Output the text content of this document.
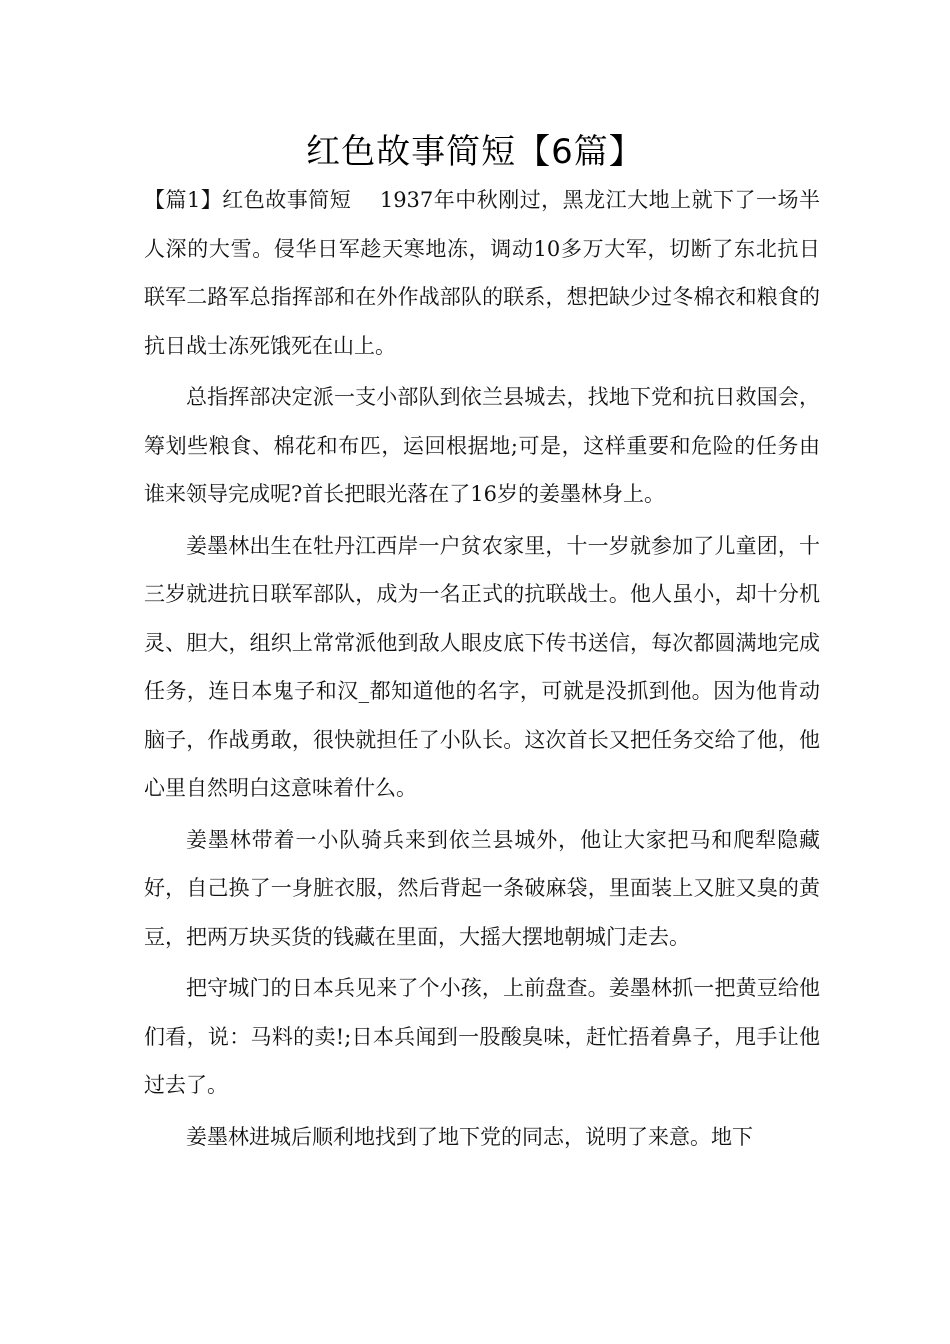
红色故事简短【6篇】

【篇1】红色故事简短    1937年中秋刚过，黑龙江大地上就下了一场半人深的大雪。侵华日军趁天寒地冻，调动10多万大军，切断了东北抗日联军二路军总指挥部和在外作战部队的联系，想把缺少过冬棉衣和粮食的抗日战士冻死饿死在山上。

总指挥部决定派一支小部队到依兰县城去，找地下党和抗日救国会，筹划些粮食、棉花和布匹，运回根据地;可是，这样重要和危险的任务由谁来领导完成呢?首长把眼光落在了16岁的姜墨林身上。

姜墨林出生在牡丹江西岸一户贫农家里，十一岁就参加了儿童团，十三岁就进抗日联军部队，成为一名正式的抗联战士。他人虽小，却十分机灵、胆大，组织上常常派他到敌人眼皮底下传书送信，每次都圆满地完成任务，连日本鬼子和汉_都知道他的名字，可就是没抓到他。因为他肯动脑子，作战勇敢，很快就担任了小队长。这次首长又把任务交给了他，他心里自然明白这意味着什么。

姜墨林带着一小队骑兵来到依兰县城外，他让大家把马和爬犁隐藏好，自己换了一身脏衣服，然后背起一条破麻袋，里面装上又脏又臭的黄豆，把两万块买货的钱藏在里面，大摇大摆地朝城门走去。

把守城门的日本兵见来了个小孩，上前盘查。姜墨林抓一把黄豆给他们看，说：马料的卖!;日本兵闻到一股酸臭味，赶忙捂着鼻子，甩手让他过去了。

姜墨林进城后顺利地找到了地下党的同志，说明了来意。地下
